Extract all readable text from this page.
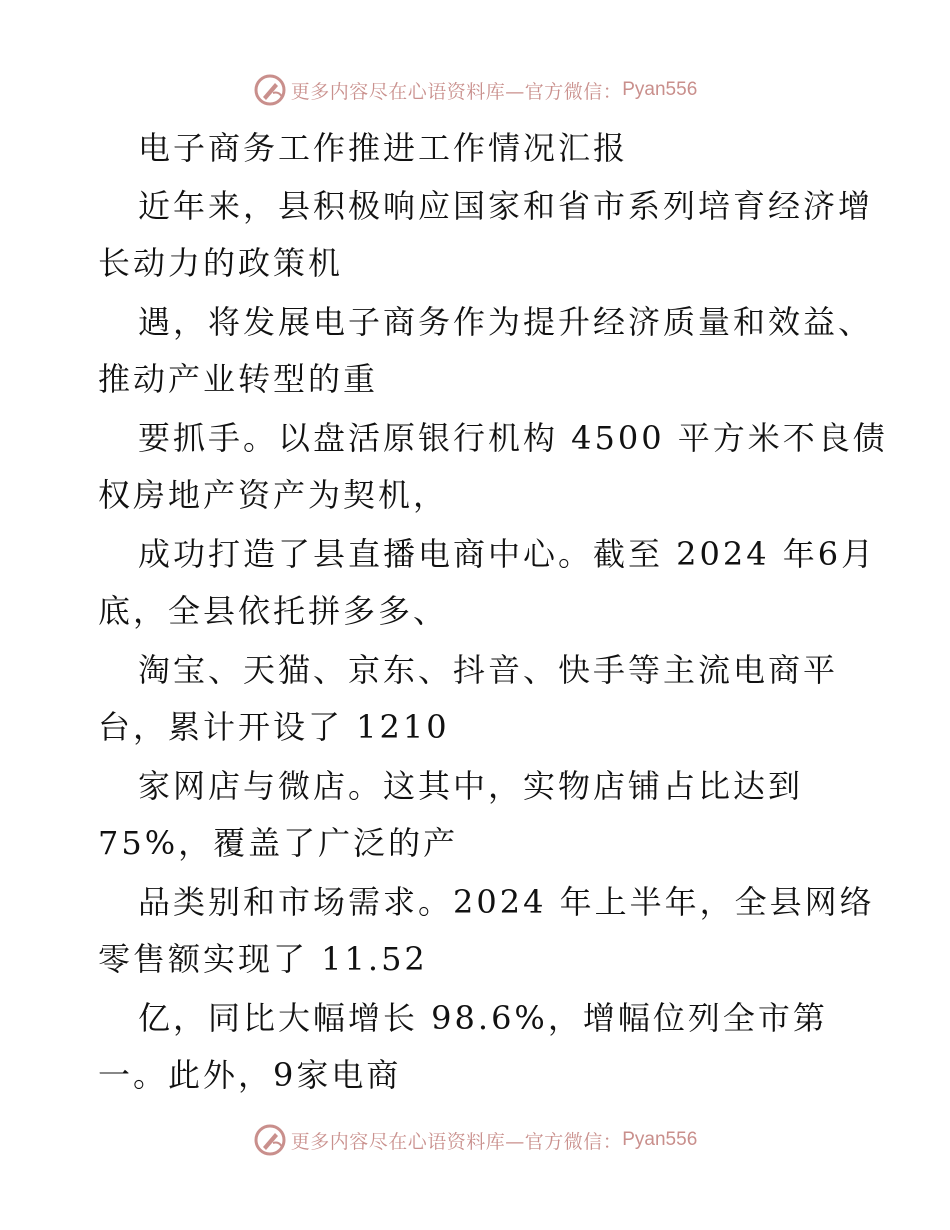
更多内容尽在心语资料库—官方微信： Pyan556
电子商务工作推进工作情况汇报
近年来，县积极响应国家和省市系列培育经济增
长动力的政策机
遇，将发展电子商务作为提升经济质量和效益、
推动产业转型的重
要抓手。以盘活原银行机构 4500 平方米不良债
权房地产资产为契机，
成功打造了县直播电商中心。截至 2024 年6月
底，全县依托拼多多、
淘宝、天猫、京东、抖音、快手等主流电商平
台，累计开设了 1210
家网店与微店。这其中，实物店铺占比达到
75%，覆盖了广泛的产
品类别和市场需求。2024 年上半年，全县网络
零售额实现了 11.52
亿，同比大幅增长 98.6%，增幅位列全市第
一。此外，9家电商
更多内容尽在心语资料库—官方微信： Pyan556
